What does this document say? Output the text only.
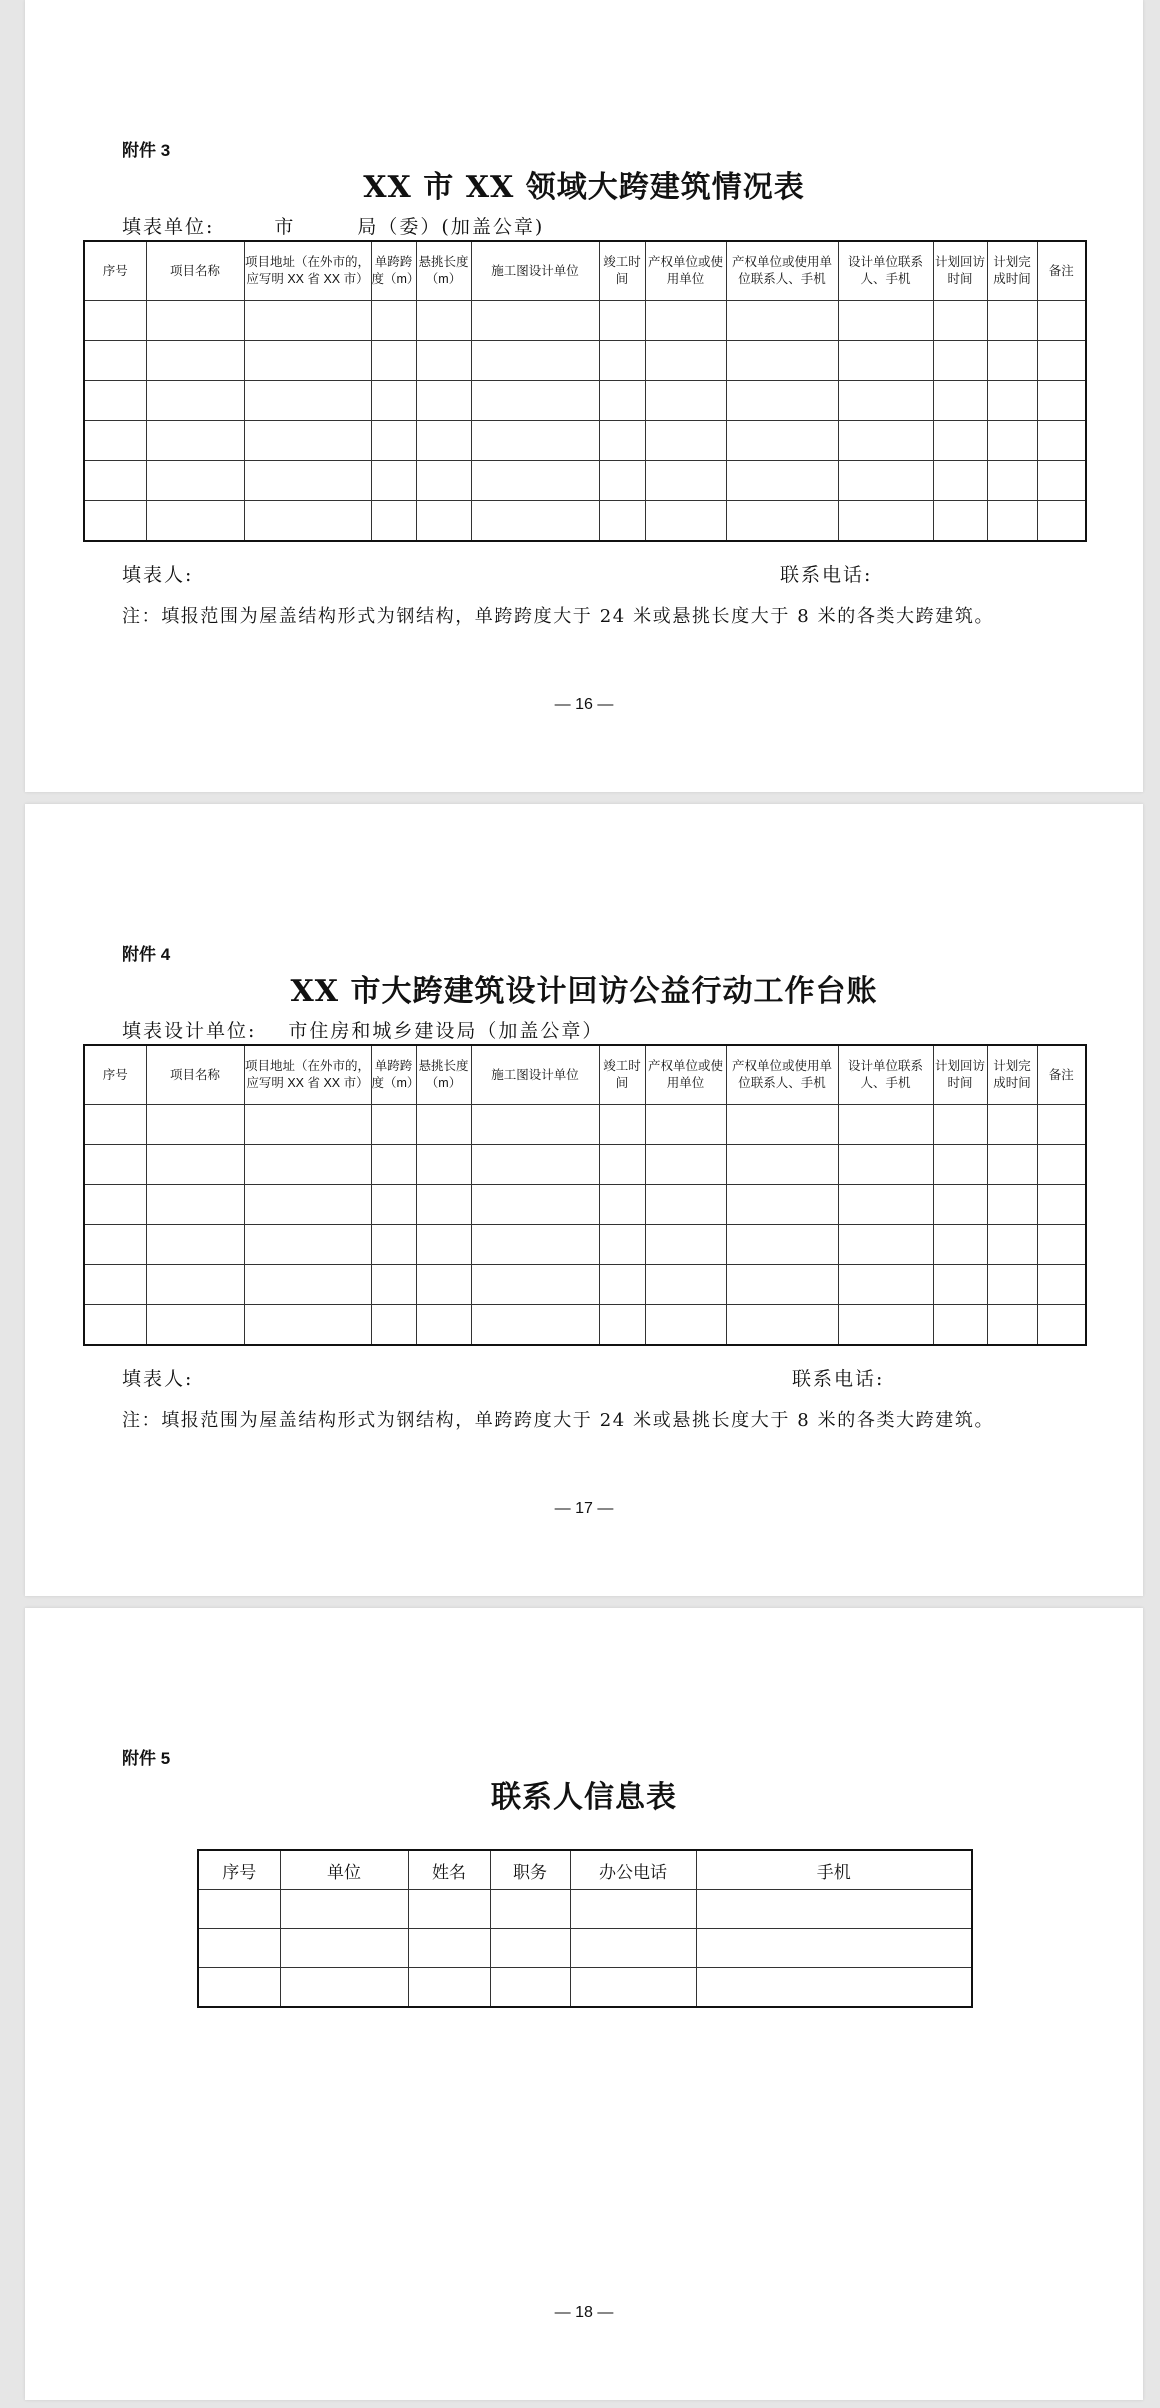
附件 3
XX 市 XX 领域大跨建筑情况表
填表单位:	市	局（委）(加盖公章)
序号	项目名称	项目地址（在外市的，应写明 XX 省 XX 市）	单跨跨度（m）	悬挑长度（m）	施工图设计单位	竣工时间	产权单位或使用单位	产权单位或使用单位联系人、手机	设计单位联系人、手机	计划回访时间	计划完成时间	备注

填表人:	联系电话:
注：填报范围为屋盖结构形式为钢结构，单跨跨度大于 24 米或悬挑长度大于 8 米的各类大跨建筑。
— 16 —
附件 4
XX 市大跨建筑设计回访公益行动工作台账
填表设计单位: 市住房和城乡建设局（加盖公章）
序号	项目名称	项目地址（在外市的，应写明 XX 省 XX 市）	单跨跨度（m）	悬挑长度（m）	施工图设计单位	竣工时间	产权单位或使用单位	产权单位或使用单位联系人、手机	设计单位联系人、手机	计划回访时间	计划完成时间	备注

填表人:	联系电话:
注：填报范围为屋盖结构形式为钢结构，单跨跨度大于 24 米或悬挑长度大于 8 米的各类大跨建筑。
— 17 —
附件 5
联系人信息表
序号	单位	姓名	职务	办公电话	手机

— 18 —
